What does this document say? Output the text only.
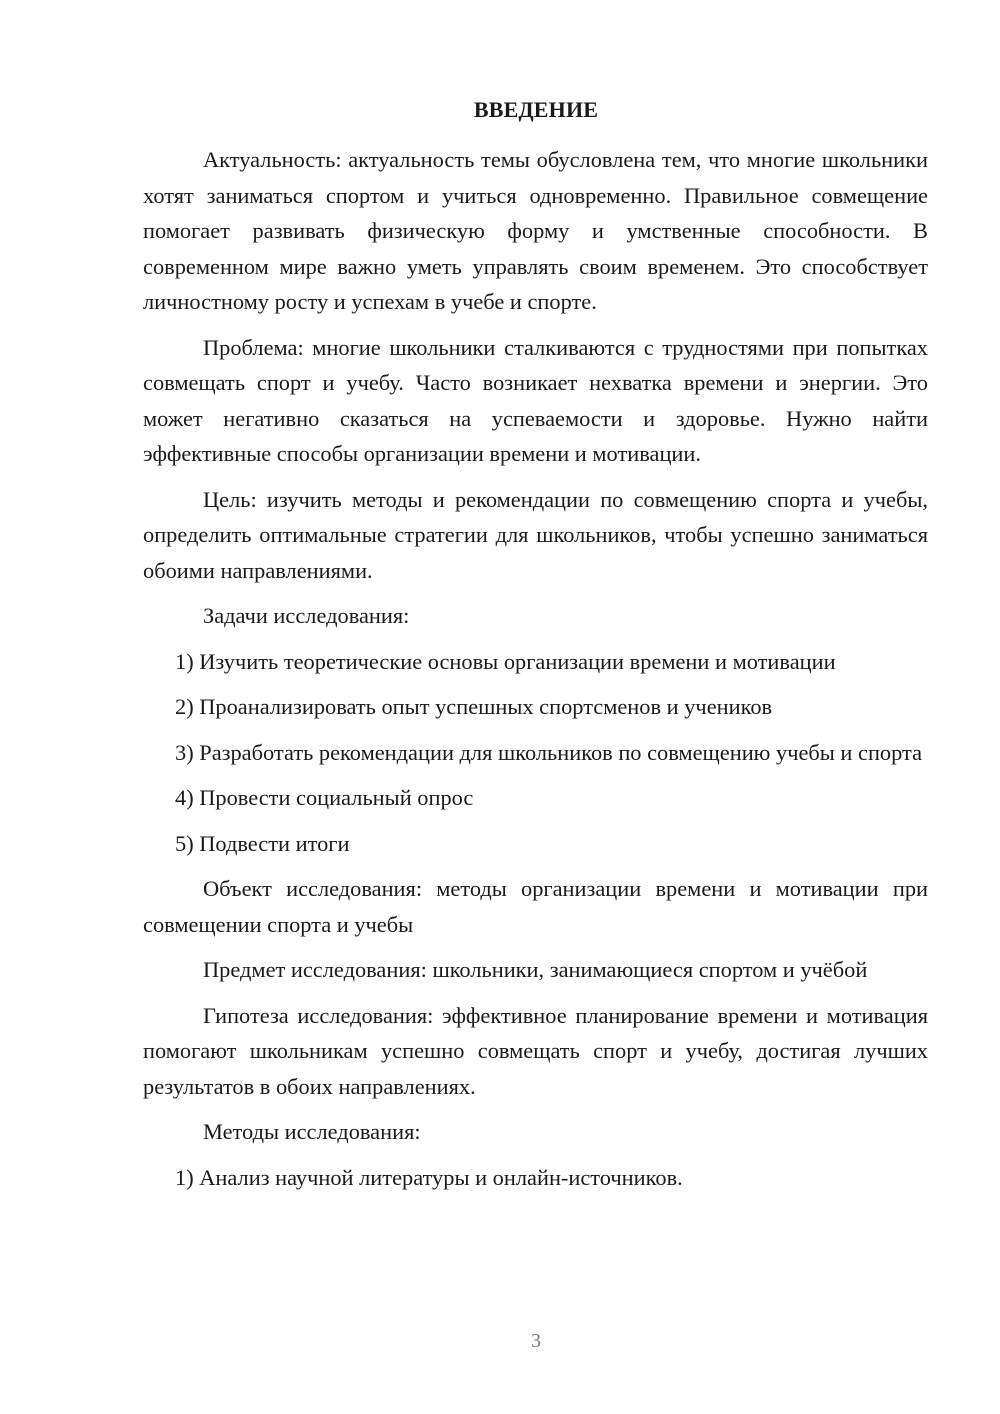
ВВЕДЕНИЕ

Актуальность: актуальность темы обусловлена тем, что многие школьники хотят заниматься спортом и учиться одновременно. Правильное совмещение помогает развивать физическую форму и умственные способности. В современном мире важно уметь управлять своим временем. Это способствует личностному росту и успехам в учебе и спорте.

Проблема: многие школьники сталкиваются с трудностями при попытках совмещать спорт и учебу. Часто возникает нехватка времени и энергии. Это может негативно сказаться на успеваемости и здоровье. Нужно найти эффективные способы организации времени и мотивации.

Цель: изучить методы и рекомендации по совмещению спорта и учебы, определить оптимальные стратегии для школьников, чтобы успешно заниматься обоими направлениями.

Задачи исследования:

1) Изучить теоретические основы организации времени и мотивации

2) Проанализировать опыт успешных спортсменов и учеников

3) Разработать рекомендации для школьников по совмещению учебы и спорта

4) Провести социальный опрос

5) Подвести итоги

Объект исследования: методы организации времени и мотивации при совмещении спорта и учебы

Предмет исследования: школьники, занимающиеся спортом и учёбой

Гипотеза исследования: эффективное планирование времени и мотивация помогают школьникам успешно совмещать спорт и учебу, достигая лучших результатов в обоих направлениях.

Методы исследования:

1) Анализ научной литературы и онлайн-источников.

3
